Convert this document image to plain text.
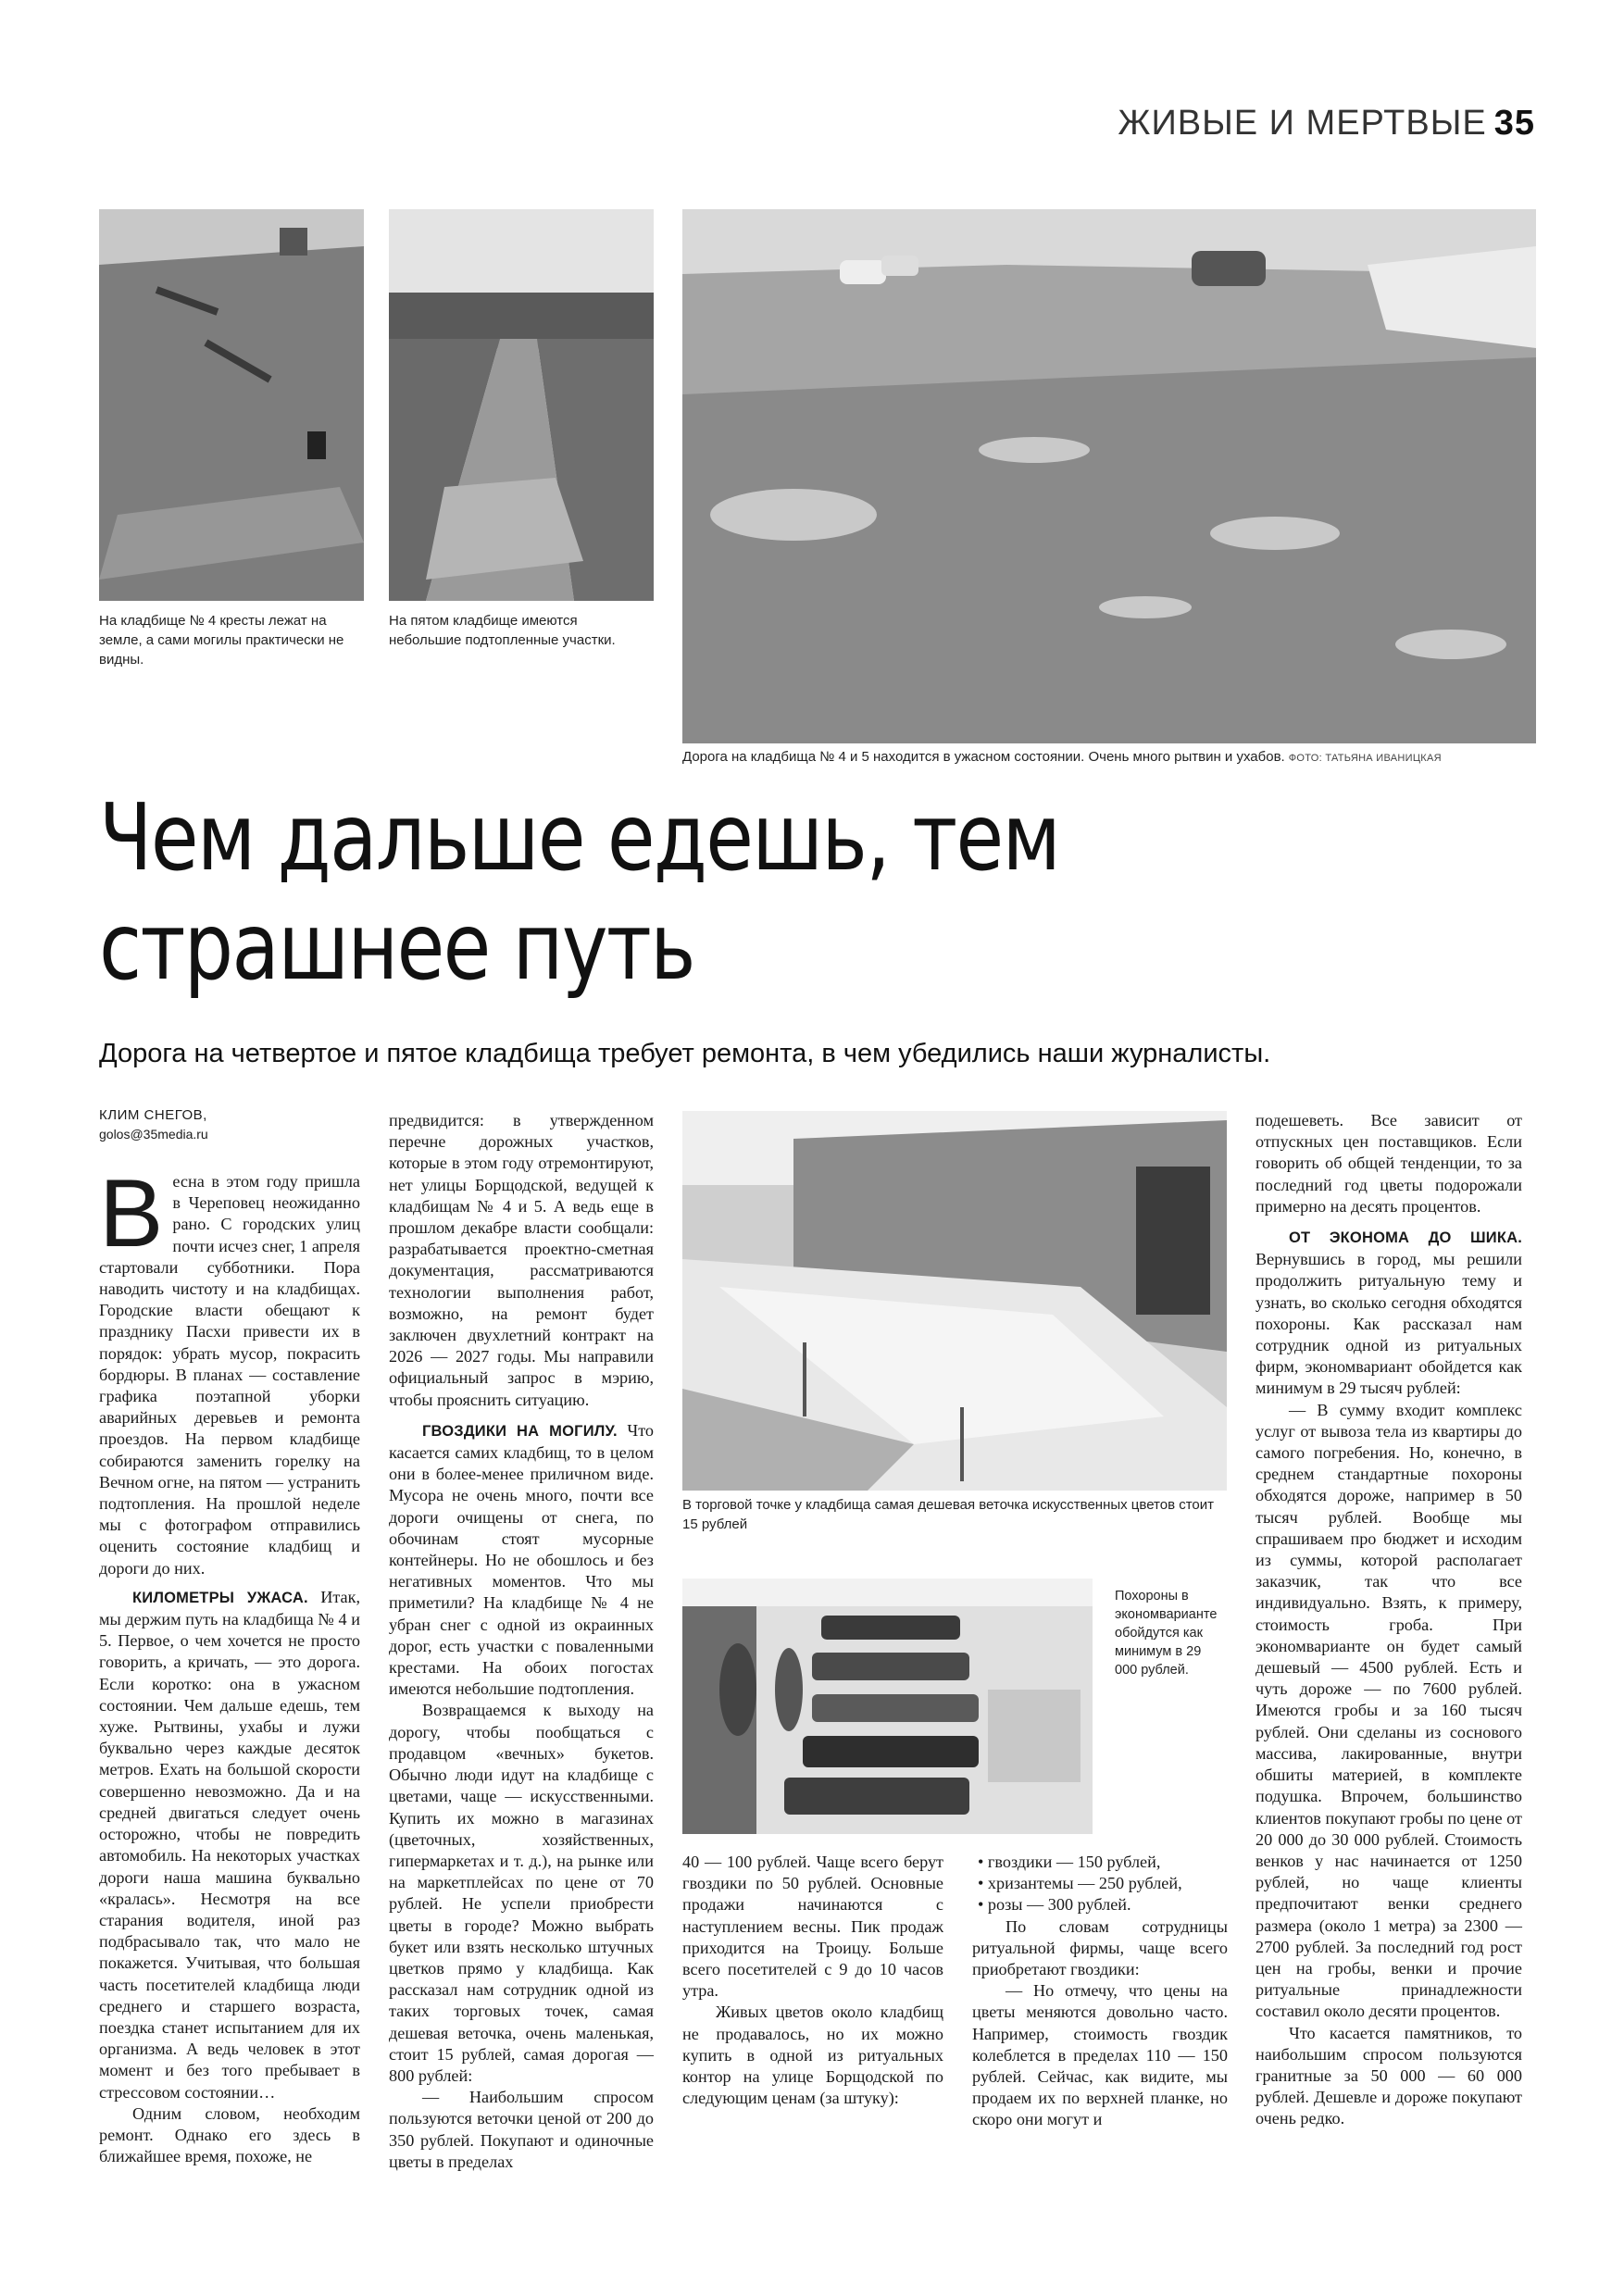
ЖИВЫЕ И МЕРТВЫЕ 35
На кладбище № 4 кресты лежат на земле, а сами могилы практически не видны.
На пятом кладбище имеются небольшие подтопленные участки.
Дорога на кладбища № 4 и 5 находится в ужасном состоянии. Очень много рытвин и ухабов. ФОТО: ТАТЬЯНА ИВАНИЦКАЯ
Чем дальше едешь, тем
страшнее путь
Дорога на четвертое и пятое кладбища требует ремонта, в чем убедились наши журналисты.
КЛИМ СНЕГОВ,
golos@35media.ru

Весна в этом году пришла в Череповец неожиданно рано. С городских улиц почти исчез снег, 1 апреля стартовали субботники. Пора наводить чистоту и на кладбищах. Городские власти обещают к празднику Пасхи привести их в порядок: убрать мусор, покрасить бордюры. В планах — составление графика поэтапной уборки аварийных деревьев и ремонта проездов. На первом кладбище собираются заменить горелку на Вечном огне, на пятом — устранить подтопления. На прошлой неделе мы с фотографом отправились оценить состояние кладбищ и дороги до них.

КИЛОМЕТРЫ УЖАСА. Итак, мы держим путь на кладбища № 4 и 5. Первое, о чем хочется не просто говорить, а кричать, — это дорога. Если коротко: она в ужасном состоянии. Чем дальше едешь, тем хуже. Рытвины, ухабы и лужи буквально через каждые десяток метров. Ехать на большой скорости совершенно невозможно. Да и на средней двигаться следует очень осторожно, чтобы не повредить автомобиль. На некоторых участках дороги наша машина буквально «кралась». Несмотря на все старания водителя, иной раз подбрасывало так, что мало не покажется. Учитывая, что большая часть посетителей кладбища люди среднего и старшего возраста, поездка станет испытанием для их организма. А ведь человек в этот момент и без того пребывает в стрессовом состоянии…

Одним словом, необходим ремонт. Однако его здесь в ближайшее время, похоже, не

предвидится: в утвержденном перечне дорожных участков, которые в этом году отремонтируют, нет улицы Борщодской, ведущей к кладбищам № 4 и 5. А ведь еще в прошлом декабре власти сообщали: разрабатывается проектно-сметная документация, рассматриваются технологии выполнения работ, возможно, на ремонт будет заключен двухлетний контракт на 2026 — 2027 годы. Мы направили официальный запрос в мэрию, чтобы прояснить ситуацию.

ГВОЗДИКИ НА МОГИЛУ. Что касается самих кладбищ, то в целом они в более-менее приличном виде. Мусора не очень много, почти все дороги очищены от снега, по обочинам стоят мусорные контейнеры. Но не обошлось и без негативных моментов. Что мы приметили? На кладбище № 4 не убран снег с одной из окраинных дорог, есть участки с поваленными крестами. На обоих погостах имеются небольшие подтопления.

Возвращаемся к выходу на дорогу, чтобы пообщаться с продавцом «вечных» букетов. Обычно люди идут на кладбище с цветами, чаще — искусственными. Купить их можно в магазинах (цветочных, хозяйственных, гипермаркетах и т. д.), на рынке или на маркетплейсах по цене от 70 рублей. Не успели приобрести цветы в городе? Можно выбрать букет или взять несколько штучных цветков прямо у кладбища. Как рассказал нам сотрудник одной из таких торговых точек, самая дешевая веточка, очень маленькая, стоит 15 рублей, самая дорогая — 800 рублей:

— Наибольшим спросом пользуются веточки ценой от 200 до 350 рублей. Покупают и одиночные цветы в пределах

В торговой точке у кладбища самая дешевая веточка искусственных цветов стоит 15 рублей
Похороны в экономварианте обойдутся как минимум в 29 000 рублей.

40 — 100 рублей. Чаще всего берут гвоздики по 50 рублей. Основные продажи начинаются с наступлением весны. Пик продаж приходится на Троицу. Больше всего посетителей с 9 до 10 часов утра.

Живых цветов около кладбищ не продавалось, но их можно купить в одной из ритуальных контор на улице Борщодской по следующим ценам (за штуку):

• гвоздики — 150 рублей,
• хризантемы — 250 рублей,
• розы — 300 рублей.

По словам сотрудницы ритуальной фирмы, чаще всего приобретают гвоздики:

— Но отмечу, что цены на цветы меняются довольно часто. Например, стоимость гвоздик колеблется в пределах 110 — 150 рублей. Сейчас, как видите, мы продаем их по верхней планке, но скоро они могут и

подешеветь. Все зависит от отпускных цен поставщиков. Если говорить об общей тенденции, то за последний год цветы подорожали примерно на десять процентов.

ОТ ЭКОНОМА ДО ШИКА. Вернувшись в город, мы решили продолжить ритуальную тему и узнать, во сколько сегодня обходятся похороны. Как рассказал нам сотрудник одной из ритуальных фирм, экономвариант обойдется как минимум в 29 тысяч рублей:

— В сумму входит комплекс услуг от вывоза тела из квартиры до самого погребения. Но, конечно, в среднем стандартные похороны обходятся дороже, например в 50 тысяч рублей. Вообще мы спрашиваем про бюджет и исходим из суммы, которой располагает заказчик, так что все индивидуально. Взять, к примеру, стоимость гроба. При экономварианте он будет самый дешевый — 4500 рублей. Есть и чуть дороже — по 7600 рублей. Имеются гробы и за 160 тысяч рублей. Они сделаны из соснового массива, лакированные, внутри обшиты материей, в комплекте подушка. Впрочем, большинство клиентов покупают гробы по цене от 20 000 до 30 000 рублей. Стоимость венков у нас начинается от 1250 рублей, но чаще клиенты предпочитают венки среднего размера (около 1 метра) за 2300 — 2700 рублей. За последний год рост цен на гробы, венки и прочие ритуальные принадлежности составил около десяти процентов.

Что касается памятников, то наибольшим спросом пользуются гранитные за 50 000 — 60 000 рублей. Дешевле и дороже покупают очень редко.
